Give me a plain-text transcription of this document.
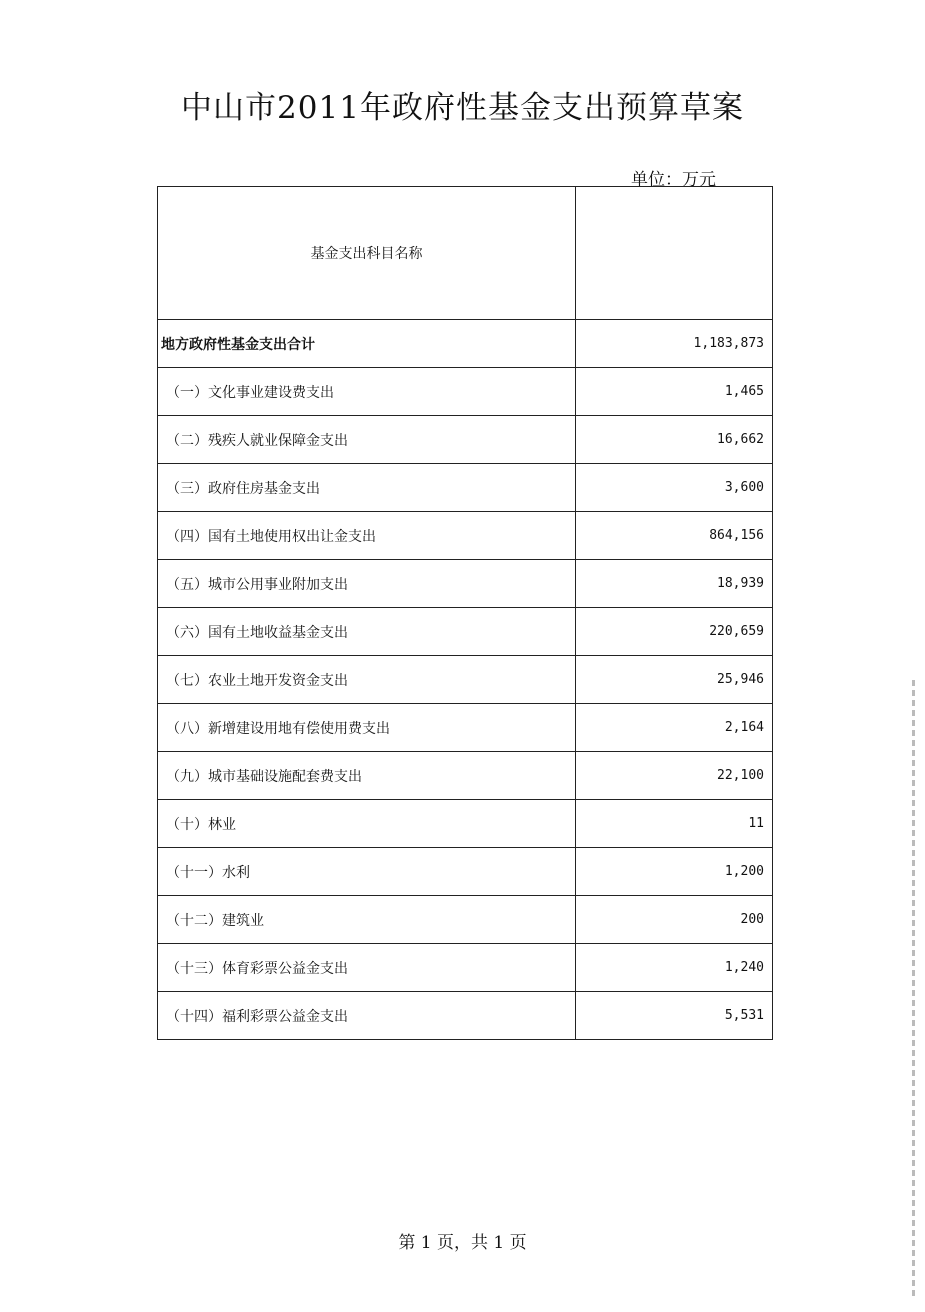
中山市2011年政府性基金支出预算草案
单位：万元
基金支出科目名称	
地方政府性基金支出合计	1,183,873
（一）文化事业建设费支出	1,465
（二）残疾人就业保障金支出	16,662
（三）政府住房基金支出	3,600
（四）国有土地使用权出让金支出	864,156
（五）城市公用事业附加支出	18,939
（六）国有土地收益基金支出	220,659
（七）农业土地开发资金支出	25,946
（八）新增建设用地有偿使用费支出	2,164
（九）城市基础设施配套费支出	22,100
（十）林业	11
（十一）水利	1,200
（十二）建筑业	200
（十三）体育彩票公益金支出	1,240
（十四）福利彩票公益金支出	5,531
第 1 页，共 1 页
